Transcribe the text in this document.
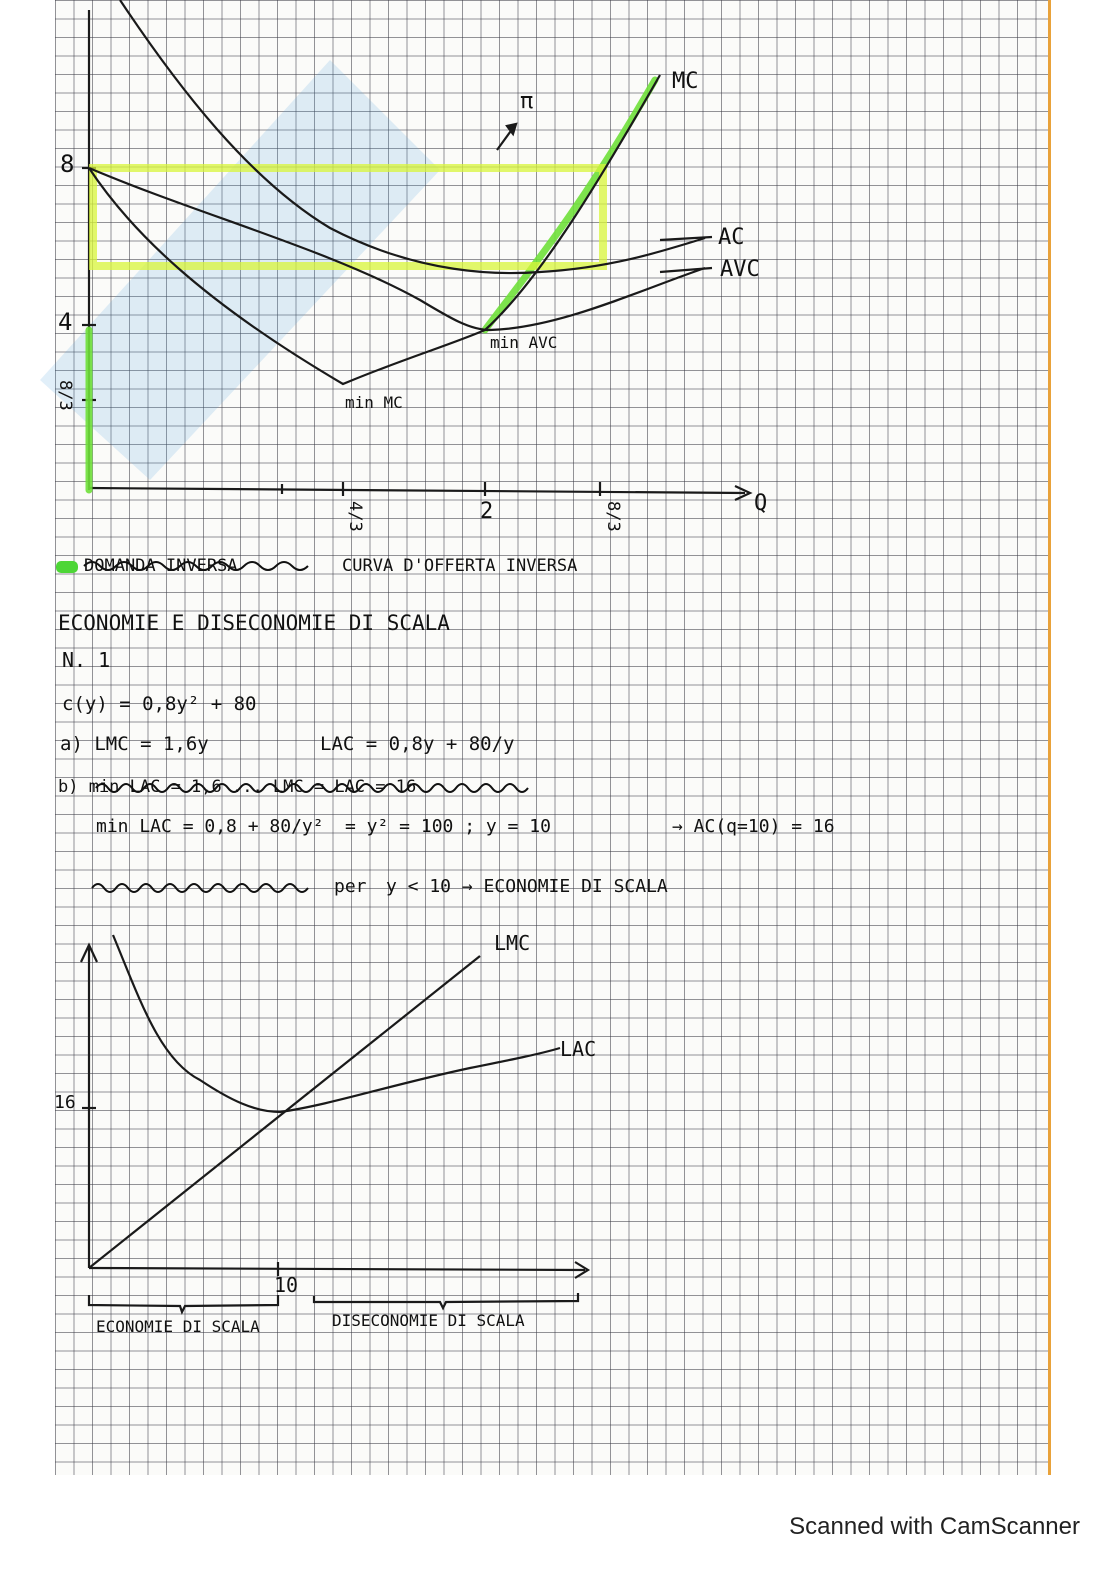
8
4
8/3
4/3	2	8/3	Q
MC
AC
AVC
π
min MC
min AVC
DOMANDA INVERSA	CURVA D'OFFERTA INVERSA
ECONOMIE E DISECONOMIE DI SCALA
N. 1
c(y) = 0,8y² + 80
a) LMC = 1,6y	LAC = 0,8y + 80/y
b) min LAC = 1,6 ... LMC = LAC = 16
min LAC = 0,8 + 80/y² = y² = 100 ; y = 10	→ AC(q=10) = 16
per y < 10 → ECONOMIE DI SCALA
16
10
LMC
LAC
ECONOMIE DI SCALA	DISECONOMIE DI SCALA
Scanned with CamScanner
